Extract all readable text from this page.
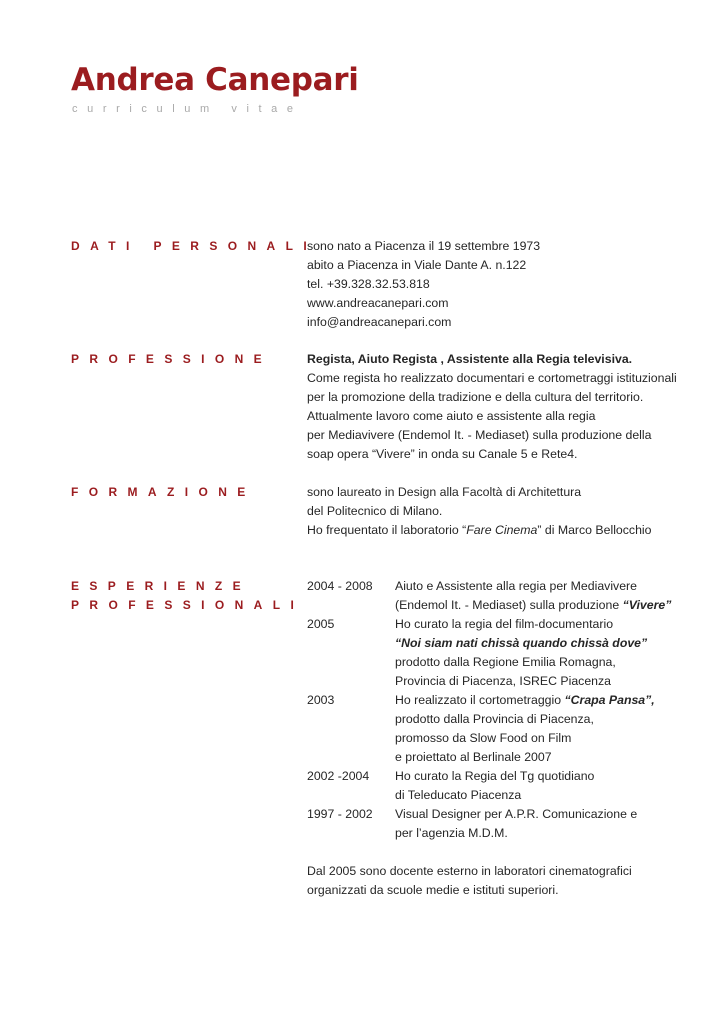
Andrea Canepari
curriculum vitae
DATI PERSONALI
sono nato a Piacenza il 19 settembre 1973
abito a Piacenza in Viale Dante A. n.122
tel. +39.328.32.53.818
www.andreacanepari.com
info@andreacanepari.com
PROFESSIONE	Regista, Aiuto Regista , Assistente alla Regia televisiva.
Come regista ho realizzato documentari e cortometraggi istituzionali
per la promozione della tradizione e della cultura del territorio.
Attualmente lavoro come aiuto e assistente alla regia
per Mediavivere (Endemol It. - Mediaset) sulla produzione della
soap opera “Vivere” in onda su Canale 5 e Rete4.
FORMAZIONE	sono laureato in Design alla Facoltà di Architettura
del Politecnico di Milano.
Ho frequentato il laboratorio “Fare Cinema” di Marco Bellocchio
ESPERIENZE
PROFESSIONALI
2004 - 2008	Aiuto e Assistente alla regia per Mediavivere
(Endemol It. - Mediaset) sulla produzione “Vivere”
2005	Ho curato la regia del film-documentario
“Noi siam nati chissà quando chissà dove”
prodotto dalla Regione Emilia Romagna,
Provincia di Piacenza, ISREC Piacenza
2003	Ho realizzato il cortometraggio “Crapa Pansa”,
prodotto dalla Provincia di Piacenza,
promosso da Slow Food on Film
e proiettato al Berlinale 2007
2002 -2004	Ho curato la Regia del Tg quotidiano
di Teleducato Piacenza
1997 - 2002	Visual Designer per A.P.R. Comunicazione e
per l’agenzia M.D.M.
Dal 2005 sono docente esterno in laboratori cinematografici
organizzati da scuole medie e istituti superiori.
